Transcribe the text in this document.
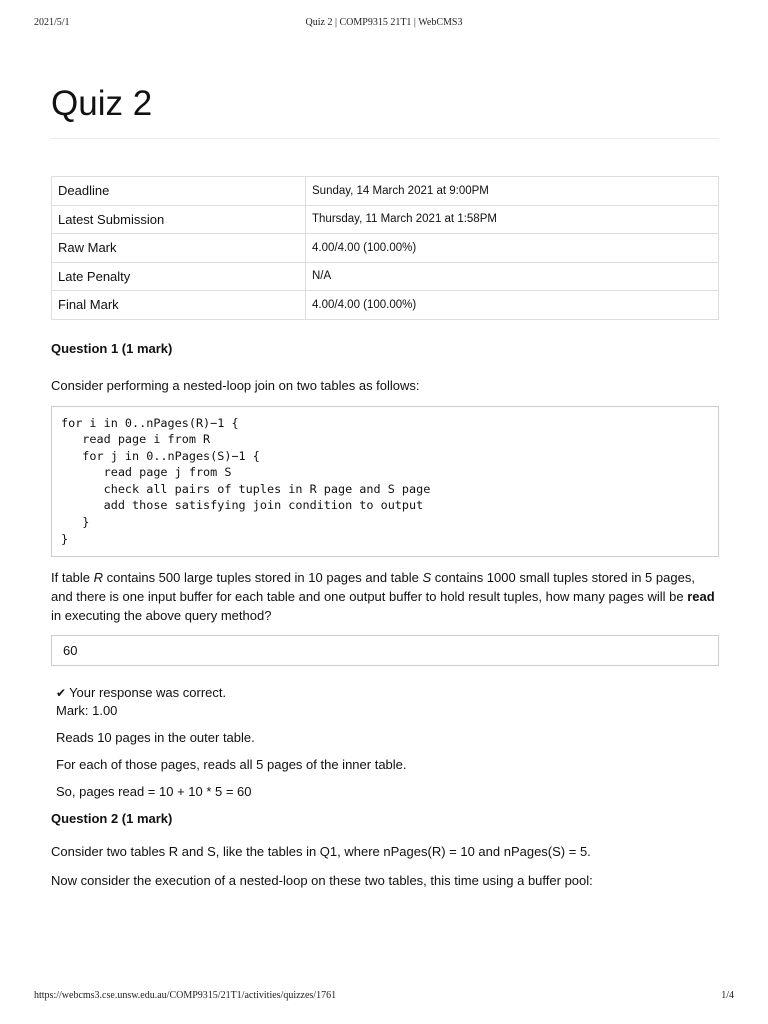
2021/5/1	Quiz 2 | COMP9315 21T1 | WebCMS3
Quiz 2
Deadline	Sunday, 14 March 2021 at 9:00PM
Latest Submission	Thursday, 11 March 2021 at 1:58PM
Raw Mark	4.00/4.00 (100.00%)
Late Penalty	N/A
Final Mark	4.00/4.00 (100.00%)
Question 1 (1 mark)

Consider performing a nested-loop join on two tables as follows:

for i in 0..nPages(R)−1 {
read page i from R
for j in 0..nPages(S)−1 {
read page j from S
check all pairs of tuples in R page and S page
add those satisfying join condition to output
}
}

If table R contains 500 large tuples stored in 10 pages and table S contains 1000 small tuples stored in 5 pages, and there is one input buffer for each table and one output buffer to hold result tuples, how many pages will be read in executing the above query method?

60
✔ Your response was correct.
Mark: 1.00

Reads 10 pages in the outer table.

For each of those pages, reads all 5 pages of the inner table.

So, pages read = 10 + 10 * 5 = 60

Question 2 (1 mark)

Consider two tables R and S, like the tables in Q1, where nPages(R) = 10 and nPages(S) = 5.

Now consider the execution of a nested-loop on these two tables, this time using a buffer pool:

https://webcms3.cse.unsw.edu.au/COMP9315/21T1/activities/quizzes/1761	1/4
